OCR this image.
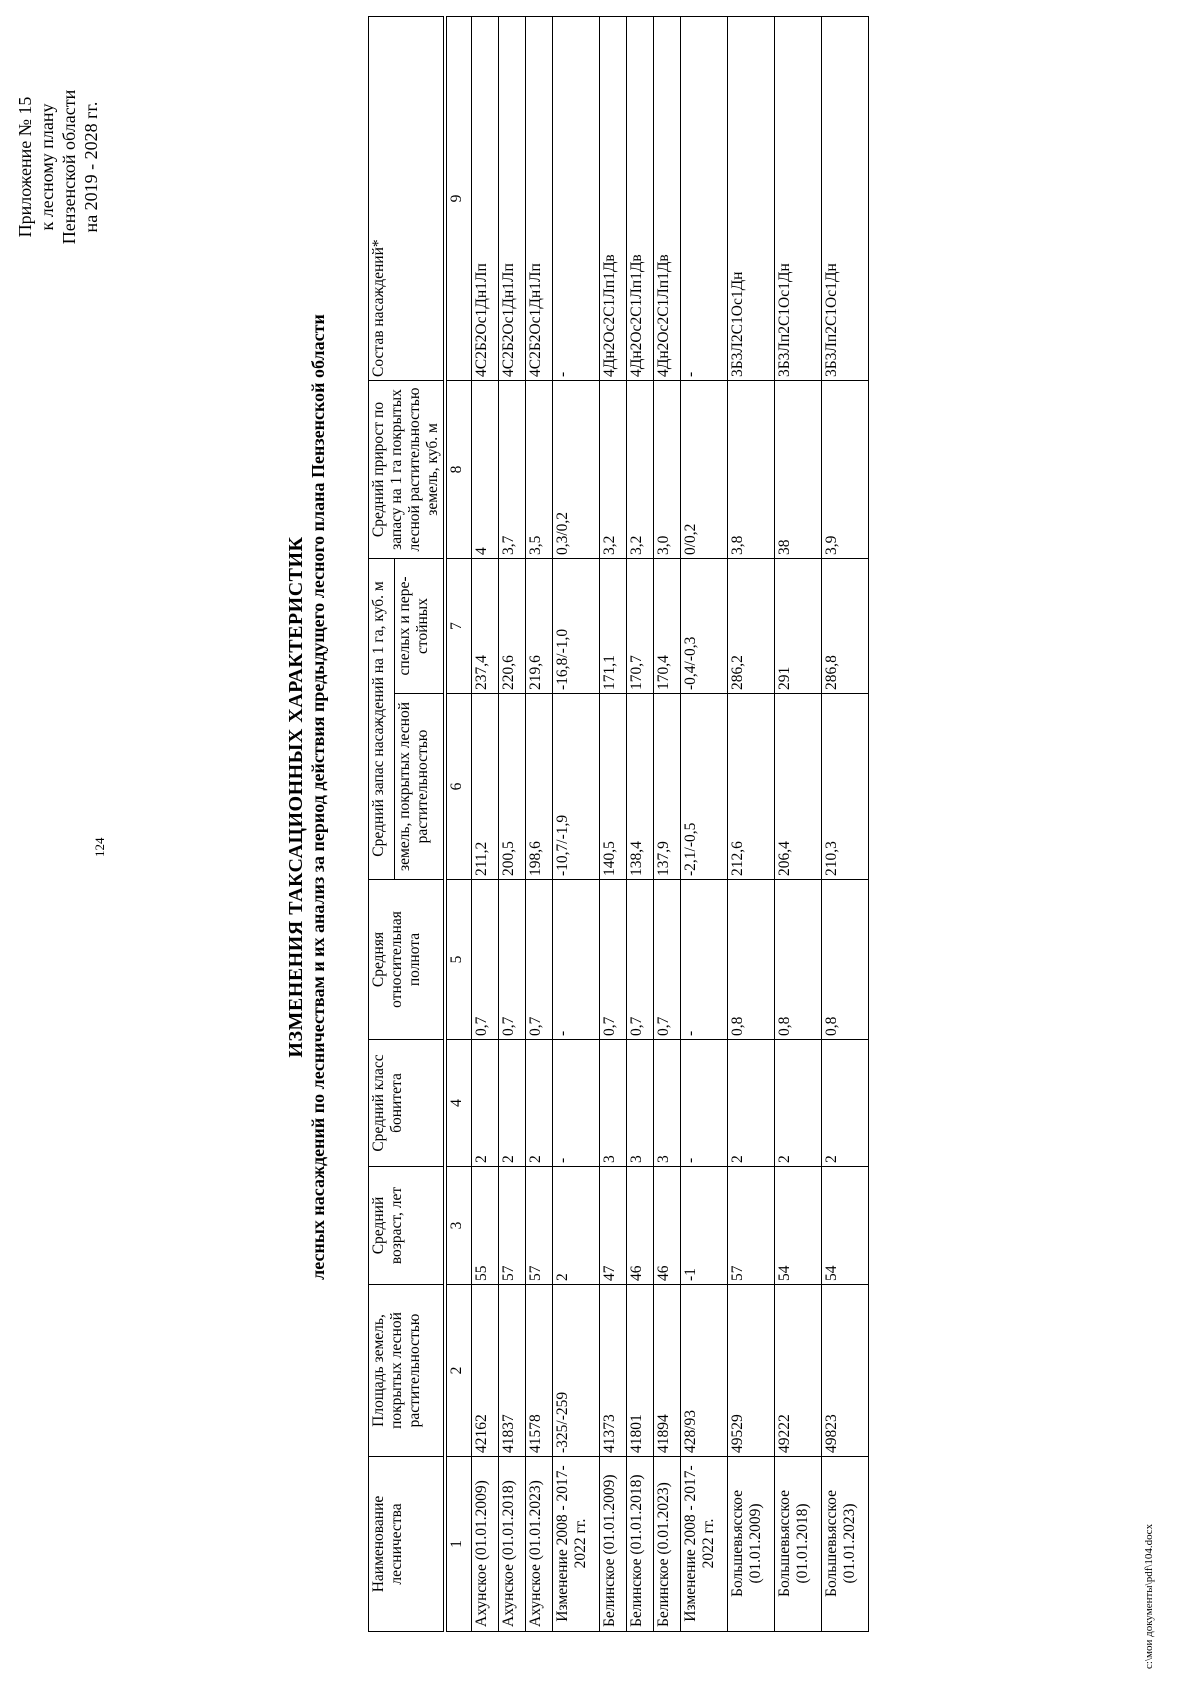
c:\мои документы\pdf\104.docx
124
Приложение № 15 к лесному плану Пензенской области на 2019 - 2028 гг.
ИЗМЕНЕНИЯ ТАКСАЦИОННЫХ ХАРАКТЕРИСТИК лесных насаждений по лесничествам и их анализ за период действия предыдущего лесного плана Пензенской области
Наименование лесничества	Площадь земель, покрытых лесной растительностью	Средний возраст, лет	Средний класс бонитета	Средняя относительная полнота	Средний запас насаждений на 1 га, куб. м		Средний прирост по запасу на 1 га покрытых лесной растительностью земель, куб. м	Состав насаждений*
					земель, покрытых лесной растительностью	спелых и пере-стойных		
1	2	3	4	5	6	7	8	9
Ахунское (01.01.2009)	42162	55	2	0,7	211,2	237,4	4	4С2Б2Ос1Дн1Лп
Ахунское (01.01.2018)	41837	57	2	0,7	200,5	220,6	3,7	4С2Б2Ос1Дн1Лп
Ахунское (01.01.2023)	41578	57	2	0,7	198,6	219,6	3,5	4С2Б2Ос1Дн1Лп
Изменение 2008 - 2017-2022 гг.	-325/-259	2	-	-	-10,7/-1,9	-16,8/-1,0	0,3/0,2	-
Белинское (01.01.2009)	41373	47	3	0,7	140,5	171,1	3,2	4Дн2Ос2С1Лп1Дв
Белинское (01.01.2018)	41801	46	3	0,7	138,4	170,7	3,2	4Дн2Ос2С1Лп1Дв
Белинское (0.01.2023)	41894	46	3	0,7	137,9	170,4	3,0	4Дн2Ос2С1Лп1Дв
Изменение 2008 - 2017-2022 гг.	428/93	-1	-	-	-2,1/-0,5	-0,4/-0,3	0/0,2	-
Большевьясское (01.01.2009)	49529	57	2	0,8	212,6	286,2	3,8	3Б3Л2С1Ос1Дн
Большевьясское (01.01.2018)	49222	54	2	0,8	206,4	291	38	3Б3Лп2С1Ос1Дн
Большевьясское (01.01.2023)	49823	54	2	0,8	210,3	286,8	3,9	3Б3Лп2С1Ос1Дн
